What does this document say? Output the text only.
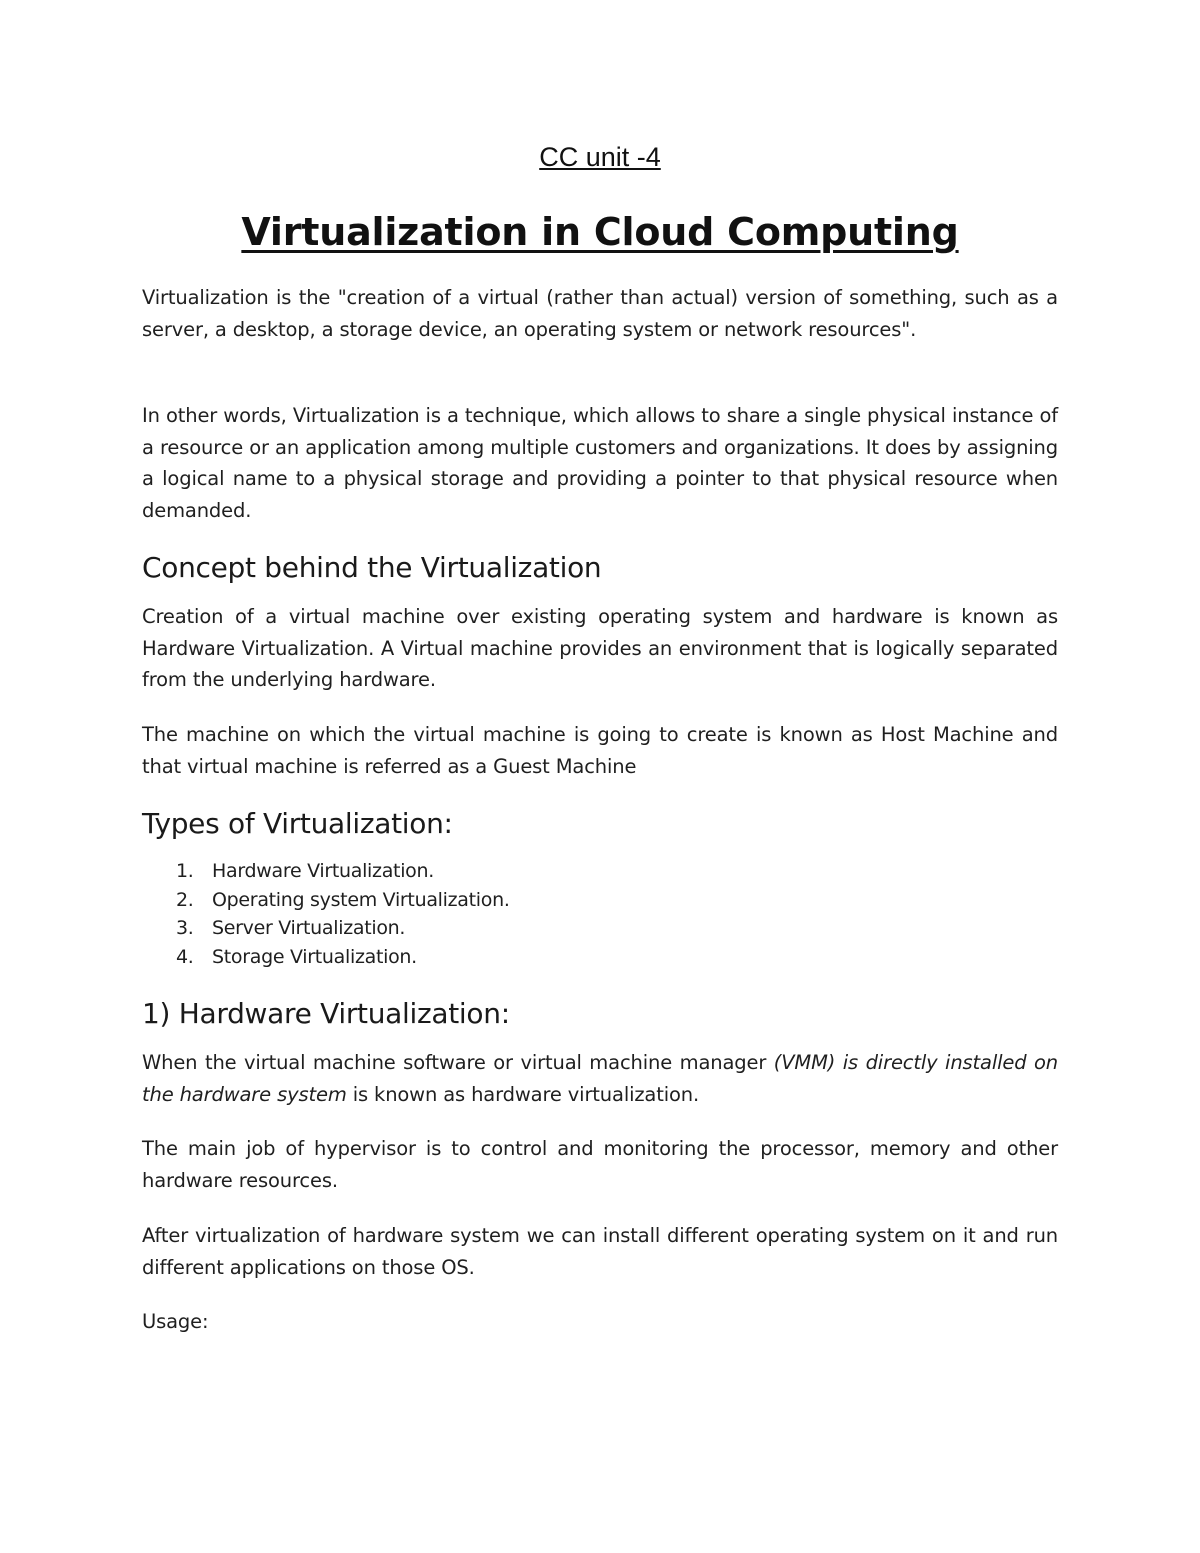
CC unit -4
Virtualization in Cloud Computing

Virtualization is the "creation of a virtual (rather than actual) version of something, such as a server, a desktop, a storage device, an operating system or network resources".

In other words, Virtualization is a technique, which allows to share a single physical instance of a resource or an application among multiple customers and organizations. It does by assigning a logical name to a physical storage and providing a pointer to that physical resource when demanded.

Concept behind the Virtualization

Creation of a virtual machine over existing operating system and hardware is known as Hardware Virtualization. A Virtual machine provides an environment that is logically separated from the underlying hardware.

The machine on which the virtual machine is going to create is known as Host Machine and that virtual machine is referred as a Guest Machine

Types of Virtualization:
1. Hardware Virtualization.
2. Operating system Virtualization.
3. Server Virtualization.
4. Storage Virtualization.
1) Hardware Virtualization:

When the virtual machine software or virtual machine manager (VMM) is directly installed on the hardware system is known as hardware virtualization.

The main job of hypervisor is to control and monitoring the processor, memory and other hardware resources.

After virtualization of hardware system we can install different operating system on it and run different applications on those OS.

Usage:
